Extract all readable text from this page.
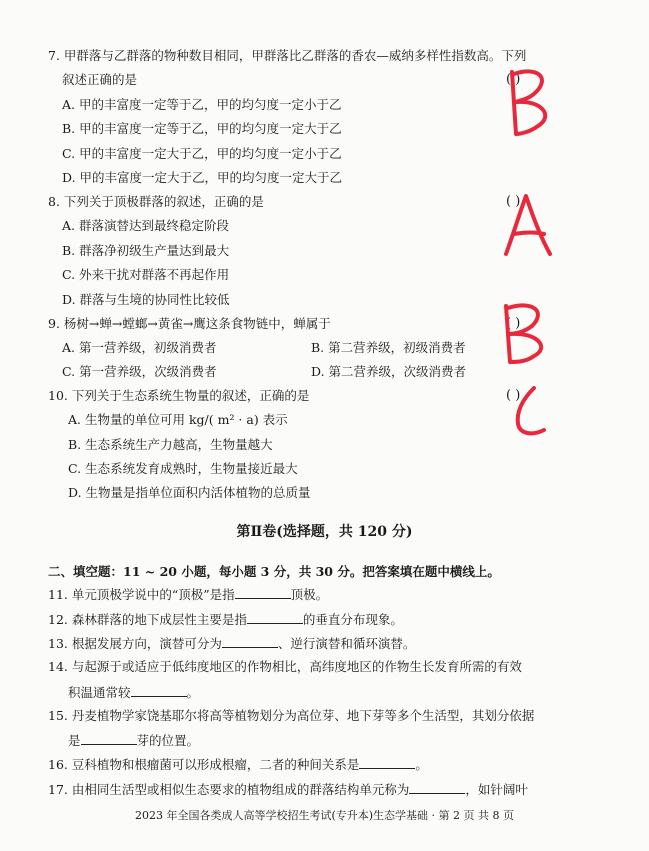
7. 甲群落与乙群落的物种数目相同，甲群落比乙群落的香农—威纳多样性指数高。下列
叙述正确的是	( )
A. 甲的丰富度一定等于乙，甲的均匀度一定小于乙
B. 甲的丰富度一定等于乙，甲的均匀度一定大于乙
C. 甲的丰富度一定大于乙，甲的均匀度一定小于乙
D. 甲的丰富度一定大于乙，甲的均匀度一定大于乙
8. 下列关于顶极群落的叙述，正确的是	( )
A. 群落演替达到最终稳定阶段
B. 群落净初级生产量达到最大
C. 外来干扰对群落不再起作用
D. 群落与生境的协同性比较低
9. 杨树→蝉→螳螂→黄雀→鹰这条食物链中，蝉属于	( )
A. 第一营养级，初级消费者	B. 第二营养级，初级消费者
C. 第一营养级，次级消费者	D. 第二营养级，次级消费者
10. 下列关于生态系统生物量的叙述，正确的是	( )
A. 生物量的单位可用 kg/( m² · a) 表示
B. 生态系统生产力越高，生物量越大
C. 生态系统发育成熟时，生物量接近最大
D. 生物量是指单位面积内活体植物的总质量
第Ⅱ卷(选择题，共 120 分)
二、填空题：11 ~ 20 小题，每小题 3 分，共 30 分。把答案填在题中横线上。
11. 单元顶极学说中的“顶极”是指	顶极。
12. 森林群落的地下成层性主要是指	的垂直分布现象。
13. 根据发展方向，演替可分为	、逆行演替和循环演替。
14. 与起源于或适应于低纬度地区的作物相比，高纬度地区的作物生长发育所需的有效
积温通常较	。
15. 丹麦植物学家饶基耶尔将高等植物划分为高位芽、地下芽等多个生活型，其划分依据
是	芽的位置。
16. 豆科植物和根瘤菌可以形成根瘤，二者的种间关系是	。
17. 由相同生活型或相似生态要求的植物组成的群落结构单元称为	，如针阔叶
2023 年全国各类成人高等学校招生考试(专升本)生态学基础 · 第 2 页 共 8 页
